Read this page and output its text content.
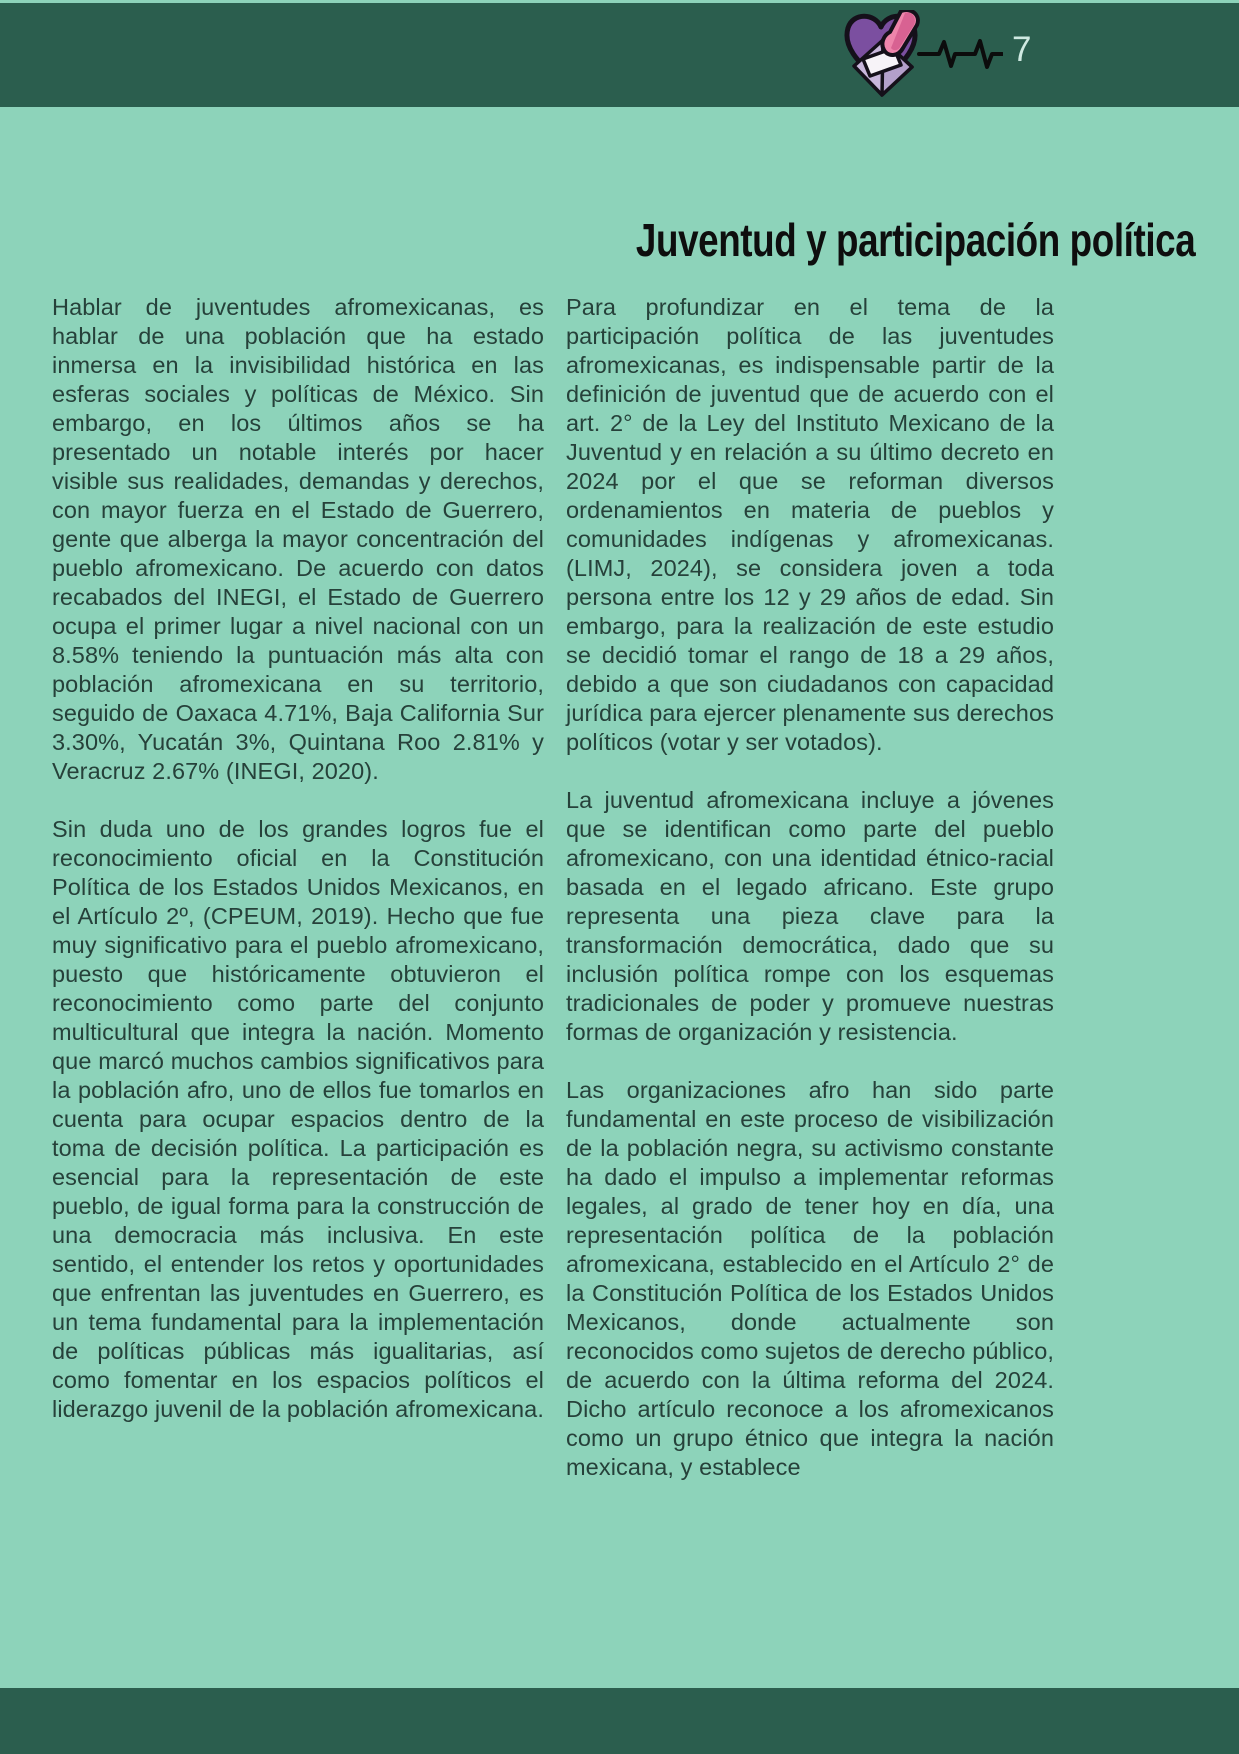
7

Hablar de juventudes afromexicanas, es hablar de una población que ha estado inmersa en la invisibilidad histórica en las esferas sociales y políticas de México. Sin embargo, en los últimos años se ha presentado un notable interés por hacer visible sus realidades, demandas y derechos, con mayor fuerza en el Estado de Guerrero, gente que alberga la mayor concentración del pueblo afromexicano. De acuerdo con datos recabados del INEGI, el Estado de Guerrero ocupa el primer lugar a nivel nacional con un 8.58% teniendo la puntuación más alta con población afromexicana en su territorio, seguido de Oaxaca 4.71%, Baja California Sur 3.30%, Yucatán 3%, Quintana Roo 2.81% y Veracruz 2.67% (INEGI, 2020).

Sin duda uno de los grandes logros fue el reconocimiento oficial en la Constitución Política de los Estados Unidos Mexicanos, en el Artículo 2º, (CPEUM, 2019). Hecho que fue muy significativo para el pueblo afromexicano, puesto que históricamente obtuvieron el reconocimiento como parte del conjunto multicultural que integra la nación. Momento que marcó muchos cambios significativos para la población afro, uno de ellos fue tomarlos en cuenta para ocupar espacios dentro de la toma de decisión política. La participación es esencial para la representación de este pueblo, de igual forma para la construcción de una democracia más inclusiva. En este sentido, el entender los retos y oportunidades que enfrentan las juventudes en Guerrero, es un tema fundamental para la implementación de políticas públicas más igualitarias, así como fomentar en los espacios políticos el liderazgo juvenil de la población afromexicana.

Juventud y participación política

Para profundizar en el tema de la participación política de las juventudes afromexicanas, es indispensable partir de la definición de juventud que de acuerdo con el art. 2° de la Ley del Instituto Mexicano de la Juventud y en relación a su último decreto en 2024 por el que se reforman diversos ordenamientos en materia de pueblos y comunidades indígenas y afromexicanas.(LIMJ, 2024), se considera joven a toda persona entre los 12 y 29 años de edad. Sin embargo, para la realización de este estudio se decidió tomar el rango de 18 a 29 años, debido a que son ciudadanos con capacidad jurídica para ejercer plenamente sus derechos políticos (votar y ser votados).

La juventud afromexicana incluye a jóvenes que se identifican como parte del pueblo afromexicano, con una identidad étnico-racial basada en el legado africano. Este grupo representa una pieza clave para la transformación democrática, dado que su inclusión política rompe con los esquemas tradicionales de poder y promueve nuestras formas de organización y resistencia.

Las organizaciones afro han sido parte fundamental en este proceso de visibilización de la población negra, su activismo constante ha dado el impulso a implementar reformas legales, al grado de tener hoy en día, una representación política de la población afromexicana, establecido en el Artículo 2° de la Constitución Política de los Estados Unidos Mexicanos, donde actualmente son reconocidos como sujetos de derecho público, de acuerdo con la última reforma del 2024. Dicho artículo reconoce a los afromexicanos como un grupo étnico que integra la nación mexicana, y establece
